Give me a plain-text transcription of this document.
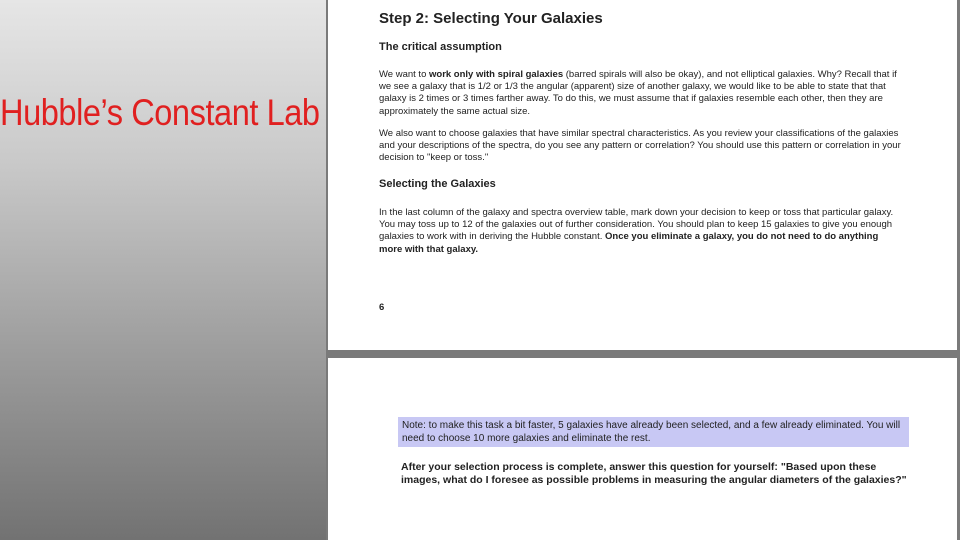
Hubble’s Constant Lab
Step 2: Selecting Your Galaxies
The critical assumption
We want to work only with spiral galaxies (barred spirals will also be okay), and not elliptical galaxies. Why? Recall that if we see a galaxy that is 1/2 or 1/3 the angular (apparent) size of another galaxy, we would like to be able to state that that galaxy is 2 times or 3 times farther away. To do this, we must assume that if galaxies resemble each other, then they are approximately the same actual size.
We also want to choose galaxies that have similar spectral characteristics. As you review your classifications of the galaxies and your descriptions of the spectra, do you see any pattern or correlation? You should use this pattern or correlation in your decision to "keep or toss."
Selecting the Galaxies
In the last column of the galaxy and spectra overview table, mark down your decision to keep or toss that particular galaxy. You may toss up to 12 of the galaxies out of further consideration. You should plan to keep 15 galaxies to give you enough galaxies to work with in deriving the Hubble constant. Once you eliminate a galaxy, you do not need to do anything more with that galaxy.
6
Note: to make this task a bit faster, 5 galaxies have already been selected, and a few already eliminated. You will need to choose 10 more galaxies and eliminate the rest.
After your selection process is complete, answer this question for yourself: "Based upon these images, what do I foresee as possible problems in measuring the angular diameters of the galaxies?"
